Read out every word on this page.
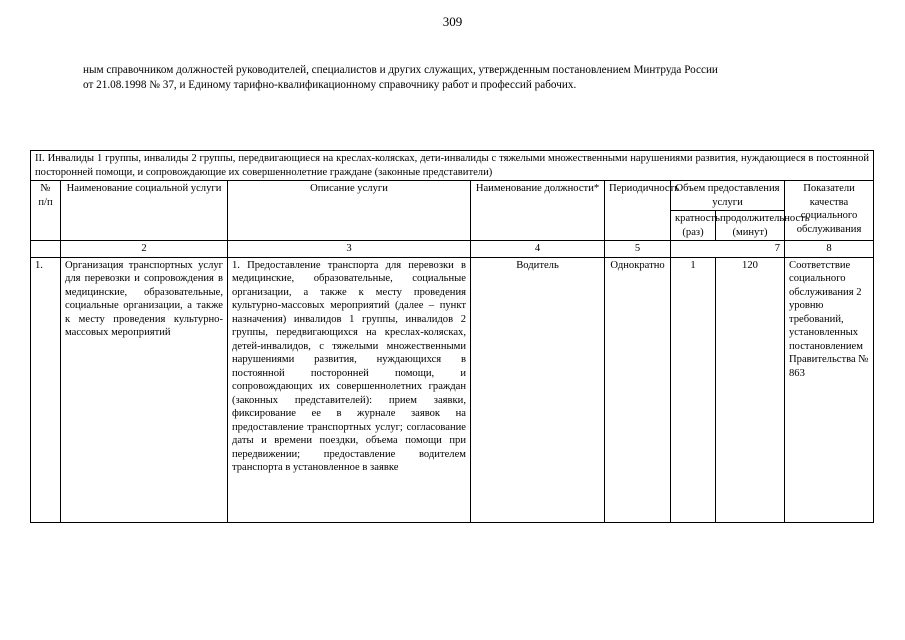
309

ным справочником должностей руководителей, специалистов и других служащих, утвержденным постановлением Минтруда России

от 21.08.1998 № 37, и Единому тарифно-квалификационному справочнику работ и профессий рабочих.

II. Инвалиды 1 группы, инвалиды 2 группы, передвигающиеся на креслах-колясках, дети-инвалиды с тяжелыми множественными нарушениями развития, нуждающиеся в постоянной посторонней помощи, и сопровождающие их совершеннолетние граждане (законные представители)							
№ п/п	Наименование социальной услуги	Описание услуги	Наименование должности*	Периодичность	Объем предоставления услуги		Показатели качества социального обслуживания
					кратность (раз)	продолжительность (минут)	
	2	3	4	5	7		8

1.	Организация транспортных услуг для перевозки и сопровождения в медицинские, образовательные, социальные организации, а также к месту проведения культурно-массовых мероприятий	1. Предоставление транспорта для перевозки в медицинские, образовательные, социальные организации, а также к месту проведения культурно-массовых мероприятий (далее – пункт назначения) инвалидов 1 группы, инвалидов 2 группы, передвигающихся на креслах-колясках, детей-инвалидов, с тяжелыми множественными нарушениями развития, нуждающихся в постоянной посторонней помощи, и сопровождающих их совершеннолетних граждан (законных представителей): прием заявки, фиксирование ее в журнале заявок на предоставление транспортных услуг; согласование даты и времени поездки, объема помощи при передвижении; предоставление водителем транспорта в установленное в заявке	Водитель	Однократно	1	120	Соответствие социального обслуживания 2 уровню требований, установленных постановлением Правительства № 863
